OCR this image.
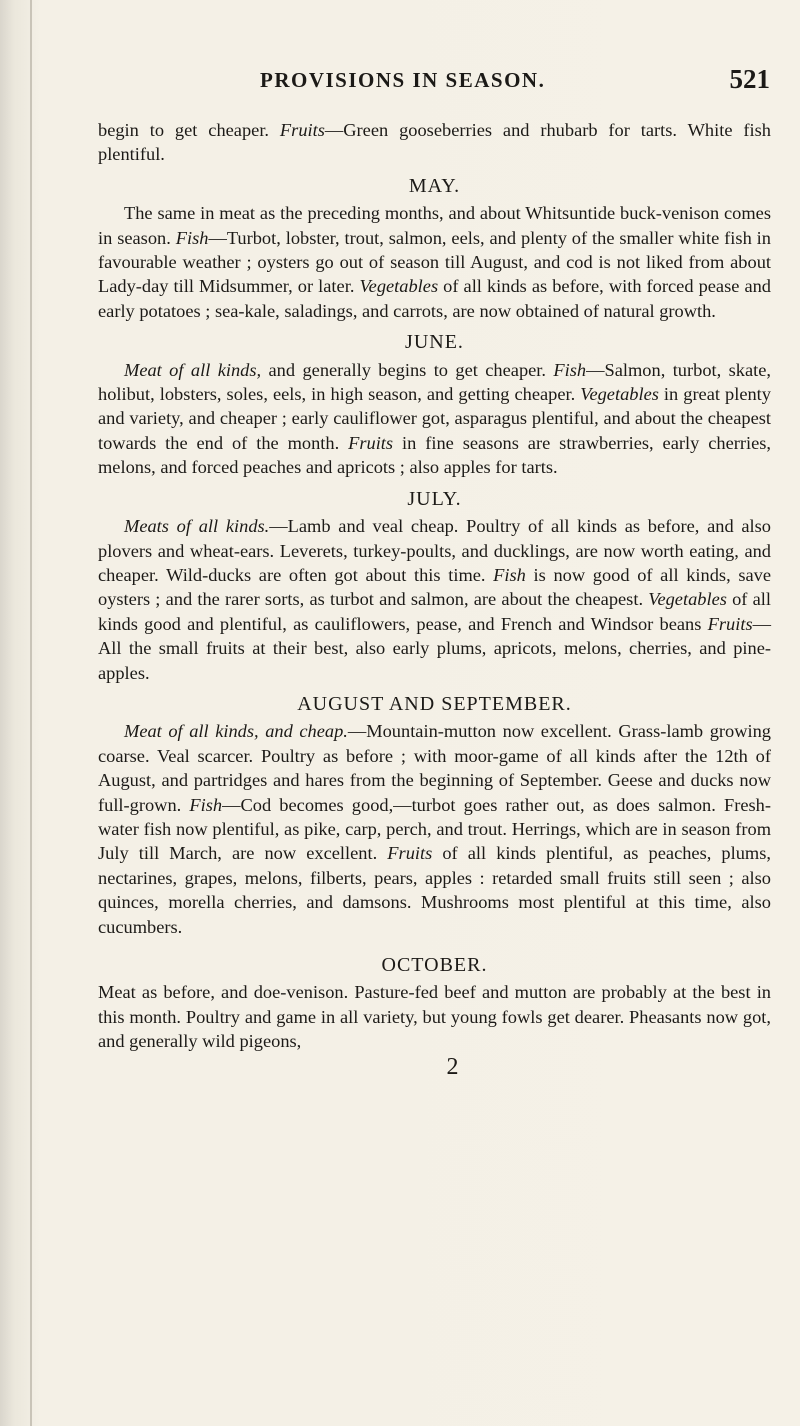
PROVISIONS IN SEASON.	521

begin to get cheaper. Fruits—Green gooseberries and rhubarb for tarts. White fish plentiful.

MAY.

The same in meat as the preceding months, and about Whitsuntide buck-venison comes in season. Fish—Turbot, lobster, trout, salmon, eels, and plenty of the smaller white fish in favourable weather ; oysters go out of season till August, and cod is not liked from about Lady-day till Midsummer, or later. Vegetables of all kinds as before, with forced pease and early potatoes ; sea-kale, saladings, and carrots, are now obtained of natural growth.

JUNE.

Meat of all kinds, and generally begins to get cheaper. Fish—Salmon, turbot, skate, holibut, lobsters, soles, eels, in high season, and getting cheaper. Vegetables in great plenty and variety, and cheaper ; early cauliflower got, asparagus plentiful, and about the cheapest towards the end of the month. Fruits in fine seasons are strawberries, early cherries, melons, and forced peaches and apricots ; also apples for tarts.

JULY.

Meats of all kinds.—Lamb and veal cheap. Poultry of all kinds as before, and also plovers and wheat-ears. Leverets, turkey-poults, and ducklings, are now worth eating, and cheaper. Wild-ducks are often got about this time. Fish is now good of all kinds, save oysters ; and the rarer sorts, as turbot and salmon, are about the cheapest. Vegetables of all kinds good and plentiful, as cauliflowers, pease, and French and Windsor beans Fruits—All the small fruits at their best, also early plums, apricots, melons, cherries, and pine-apples.

AUGUST AND SEPTEMBER.

Meat of all kinds, and cheap.—Mountain-mutton now excellent. Grass-lamb growing coarse. Veal scarcer. Poultry as before ; with moor-game of all kinds after the 12th of August, and partridges and hares from the beginning of September. Geese and ducks now full-grown. Fish—Cod becomes good,—turbot goes rather out, as does salmon. Fresh-water fish now plentiful, as pike, carp, perch, and trout. Herrings, which are in season from July till March, are now excellent. Fruits of all kinds plentiful, as peaches, plums, nectarines, grapes, melons, filberts, pears, apples : retarded small fruits still seen ; also quinces, morella cherries, and damsons. Mushrooms most plentiful at this time, also cucumbers.

OCTOBER.

Meat as before, and doe-venison. Pasture-fed beef and mutton are probably at the best in this month. Poultry and game in all variety, but young fowls get dearer. Pheasants now got, and generally wild pigeons,

2
